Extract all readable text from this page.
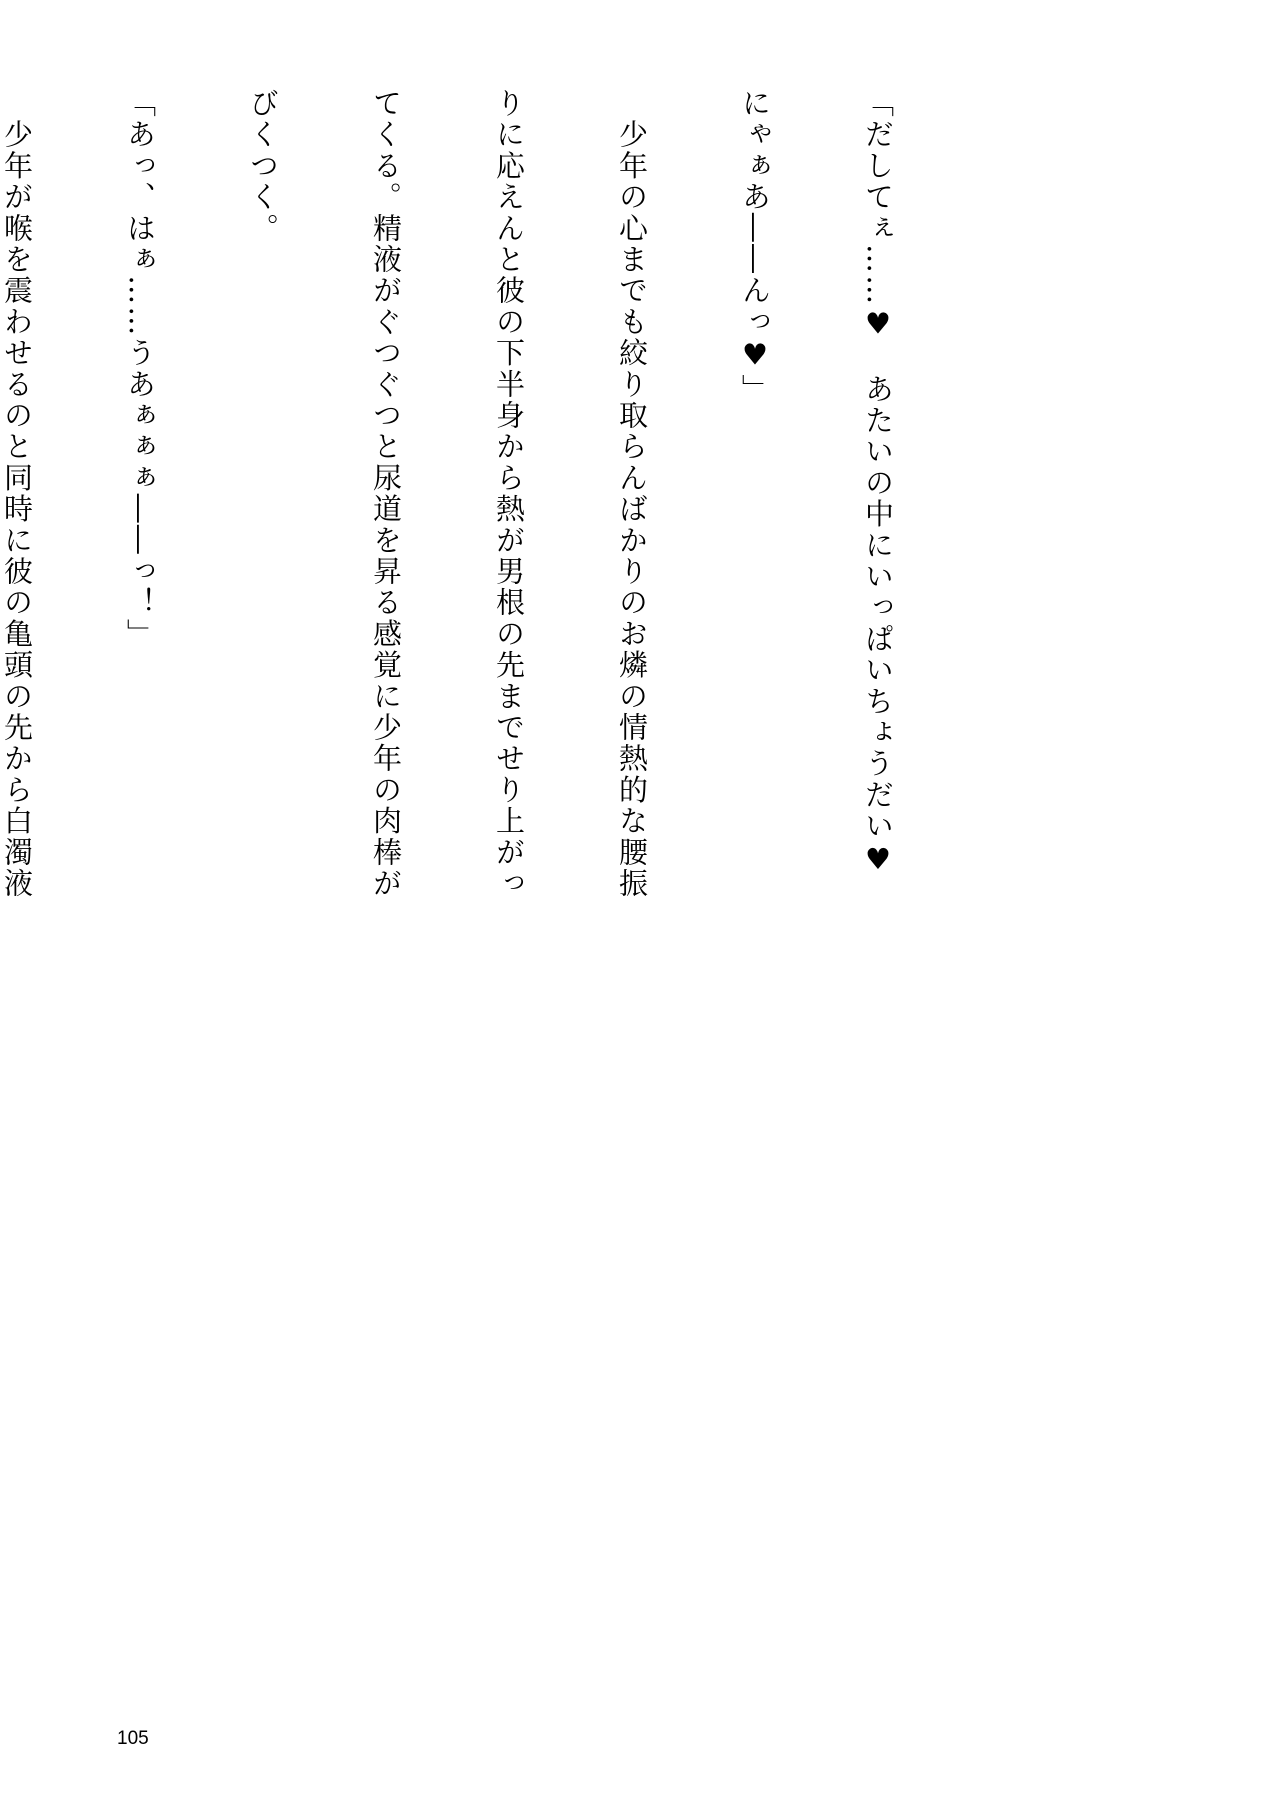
「だしてぇ……♥　あたいの中にいっぱいちょうだい♥

にゃぁあ――んっ♥」

　少年の心までも絞り取らんばかりのお燐の情熱的な腰振

りに応えんと彼の下半身から熱が男根の先までせり上がっ

てくる。精液がぐつぐつと尿道を昇る感覚に少年の肉棒が

びくつく。

「あっ、はぁ……うあぁぁぁ――っ！」

　少年が喉を震わせるのと同時に彼の亀頭の先から白濁液

105
